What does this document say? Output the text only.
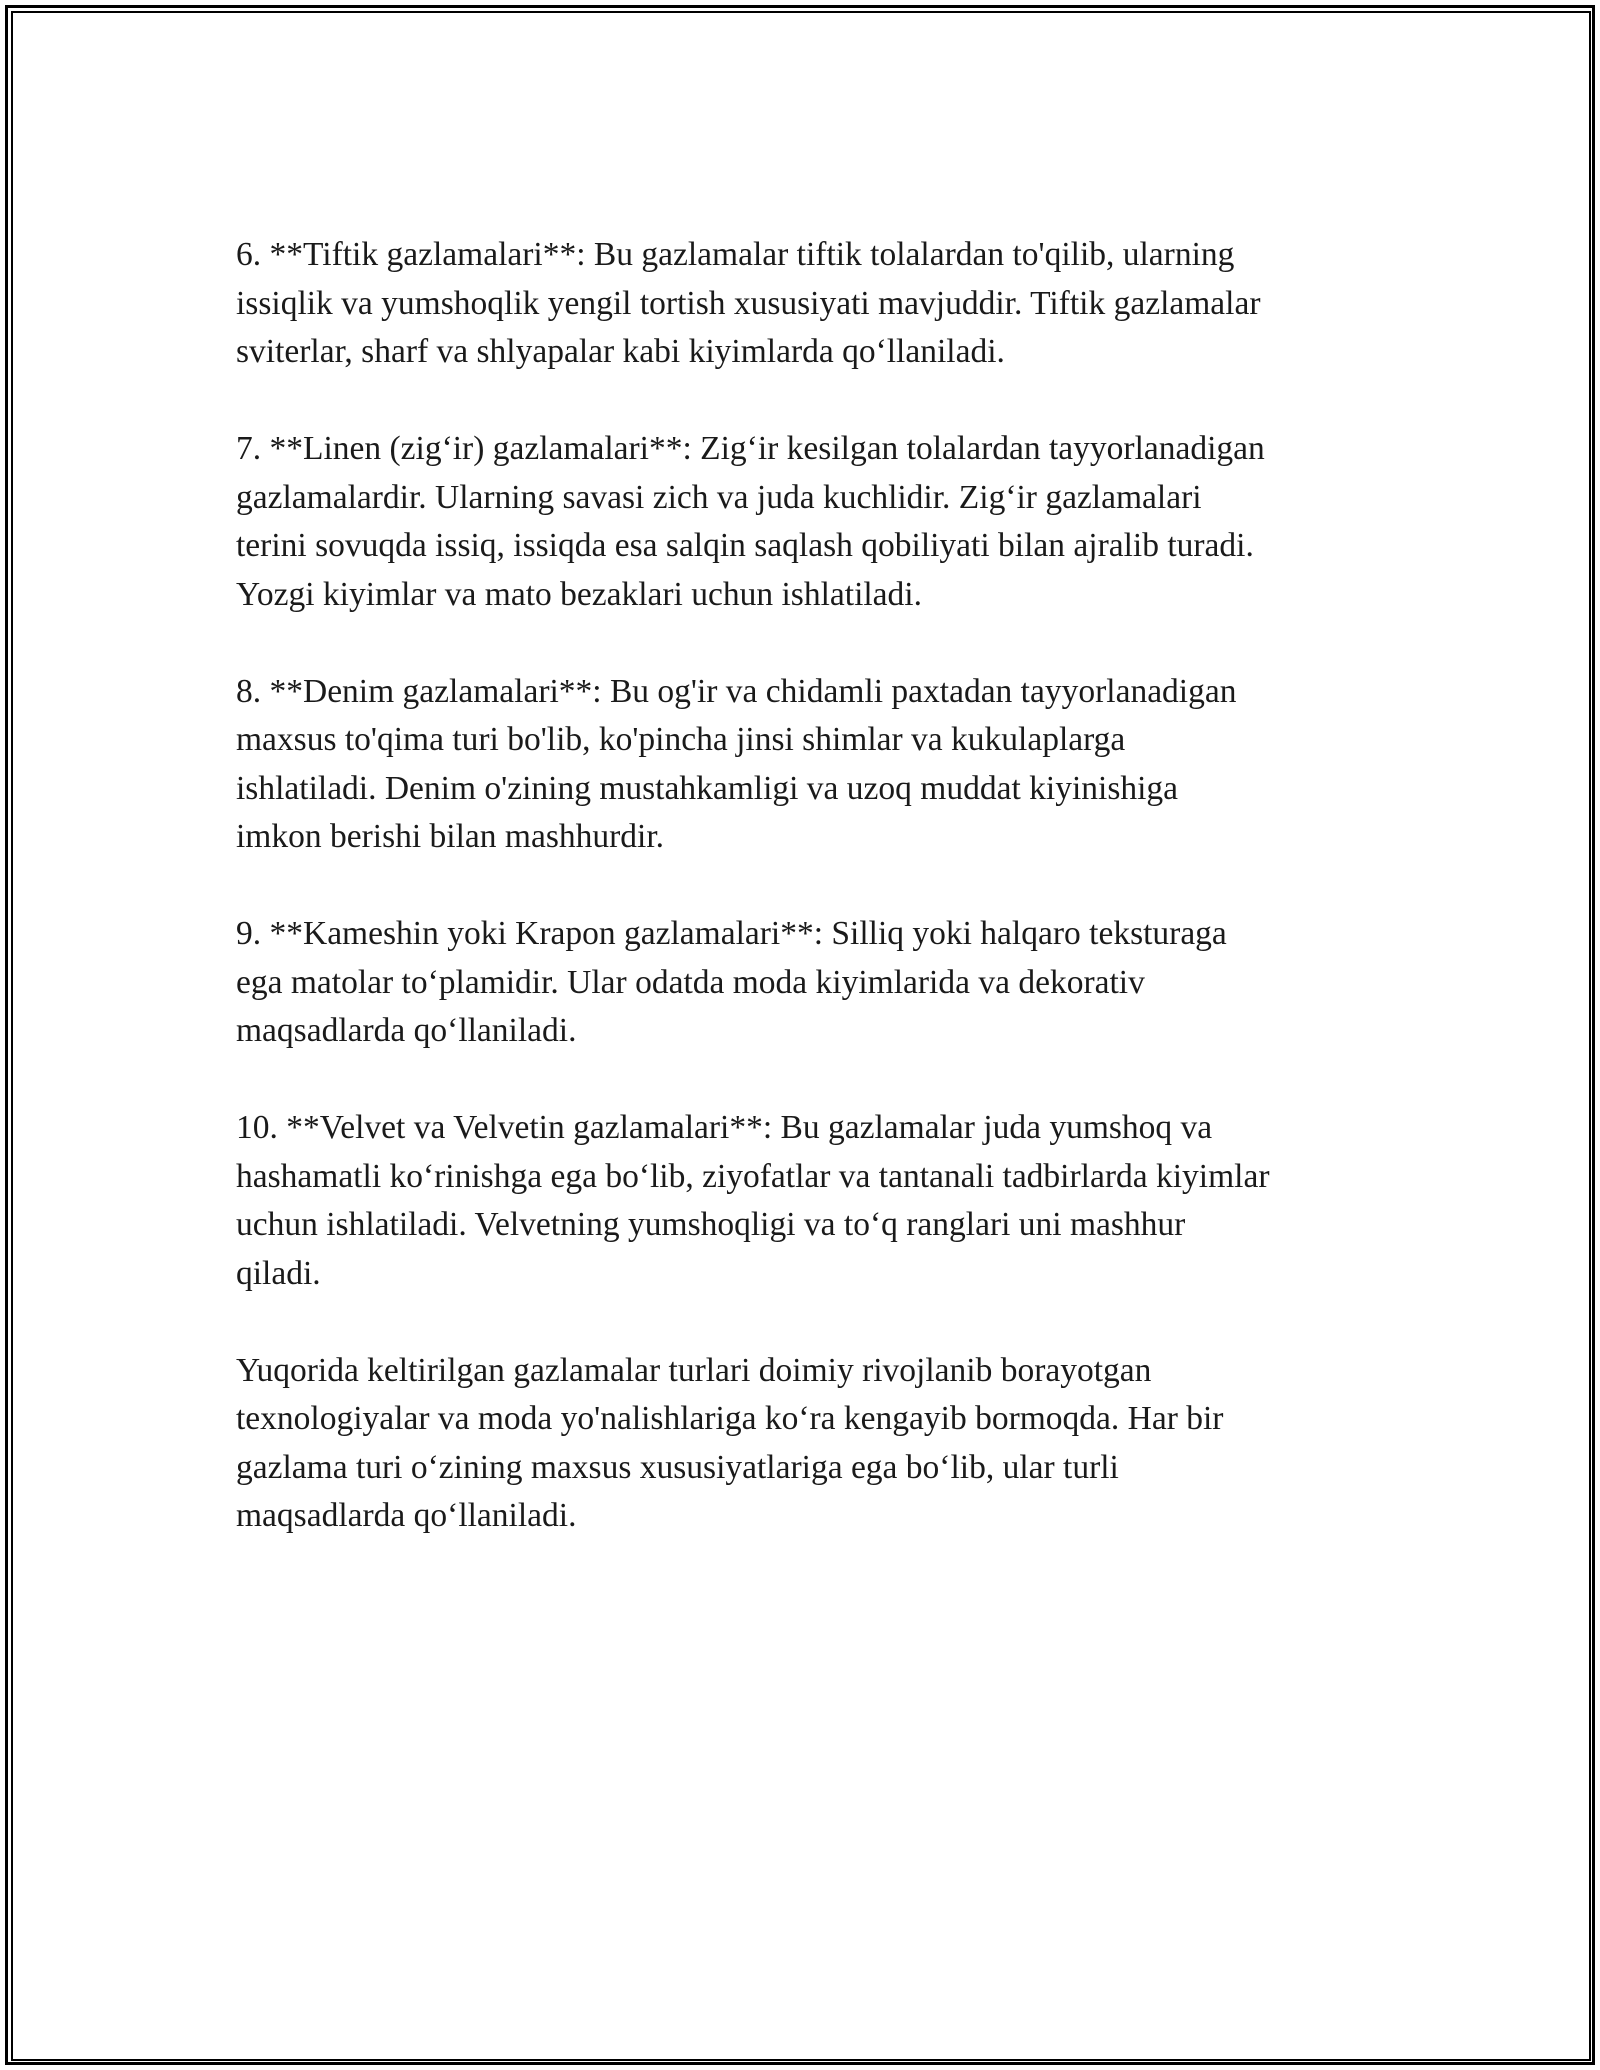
6. **Tiftik gazlamalari**: Bu gazlamalar tiftik tolalardan to'qilib, ularning
issiqlik va yumshoqlik yengil tortish xususiyati mavjuddir. Tiftik gazlamalar
sviterlar, sharf va shlyapalar kabi kiyimlarda qo‘llaniladi.

7. **Linen (zig‘ir) gazlamalari**: Zig‘ir kesilgan tolalardan tayyorlanadigan
gazlamalardir. Ularning savasi zich va juda kuchlidir. Zig‘ir gazlamalari
terini sovuqda issiq, issiqda esa salqin saqlash qobiliyati bilan ajralib turadi.
Yozgi kiyimlar va mato bezaklari uchun ishlatiladi.

8. **Denim gazlamalari**: Bu og'ir va chidamli paxtadan tayyorlanadigan
maxsus to'qima turi bo'lib, ko'pincha jinsi shimlar va kukulaplarga
ishlatiladi. Denim o'zining mustahkamligi va uzoq muddat kiyinishiga
imkon berishi bilan mashhurdir.

9. **Kameshin yoki Krapon gazlamalari**: Silliq yoki halqaro teksturaga
ega matolar to‘plamidir. Ular odatda moda kiyimlarida va dekorativ
maqsadlarda qo‘llaniladi.

10. **Velvet va Velvetin gazlamalari**: Bu gazlamalar juda yumshoq va
hashamatli ko‘rinishga ega bo‘lib, ziyofatlar va tantanali tadbirlarda kiyimlar
uchun ishlatiladi. Velvetning yumshoqligi va to‘q ranglari uni mashhur
qiladi.

Yuqorida keltirilgan gazlamalar turlari doimiy rivojlanib borayotgan
texnologiyalar va moda yo'nalishlariga ko‘ra kengayib bormoqda. Har bir
gazlama turi o‘zining maxsus xususiyatlariga ega bo‘lib, ular turli
maqsadlarda qo‘llaniladi.
